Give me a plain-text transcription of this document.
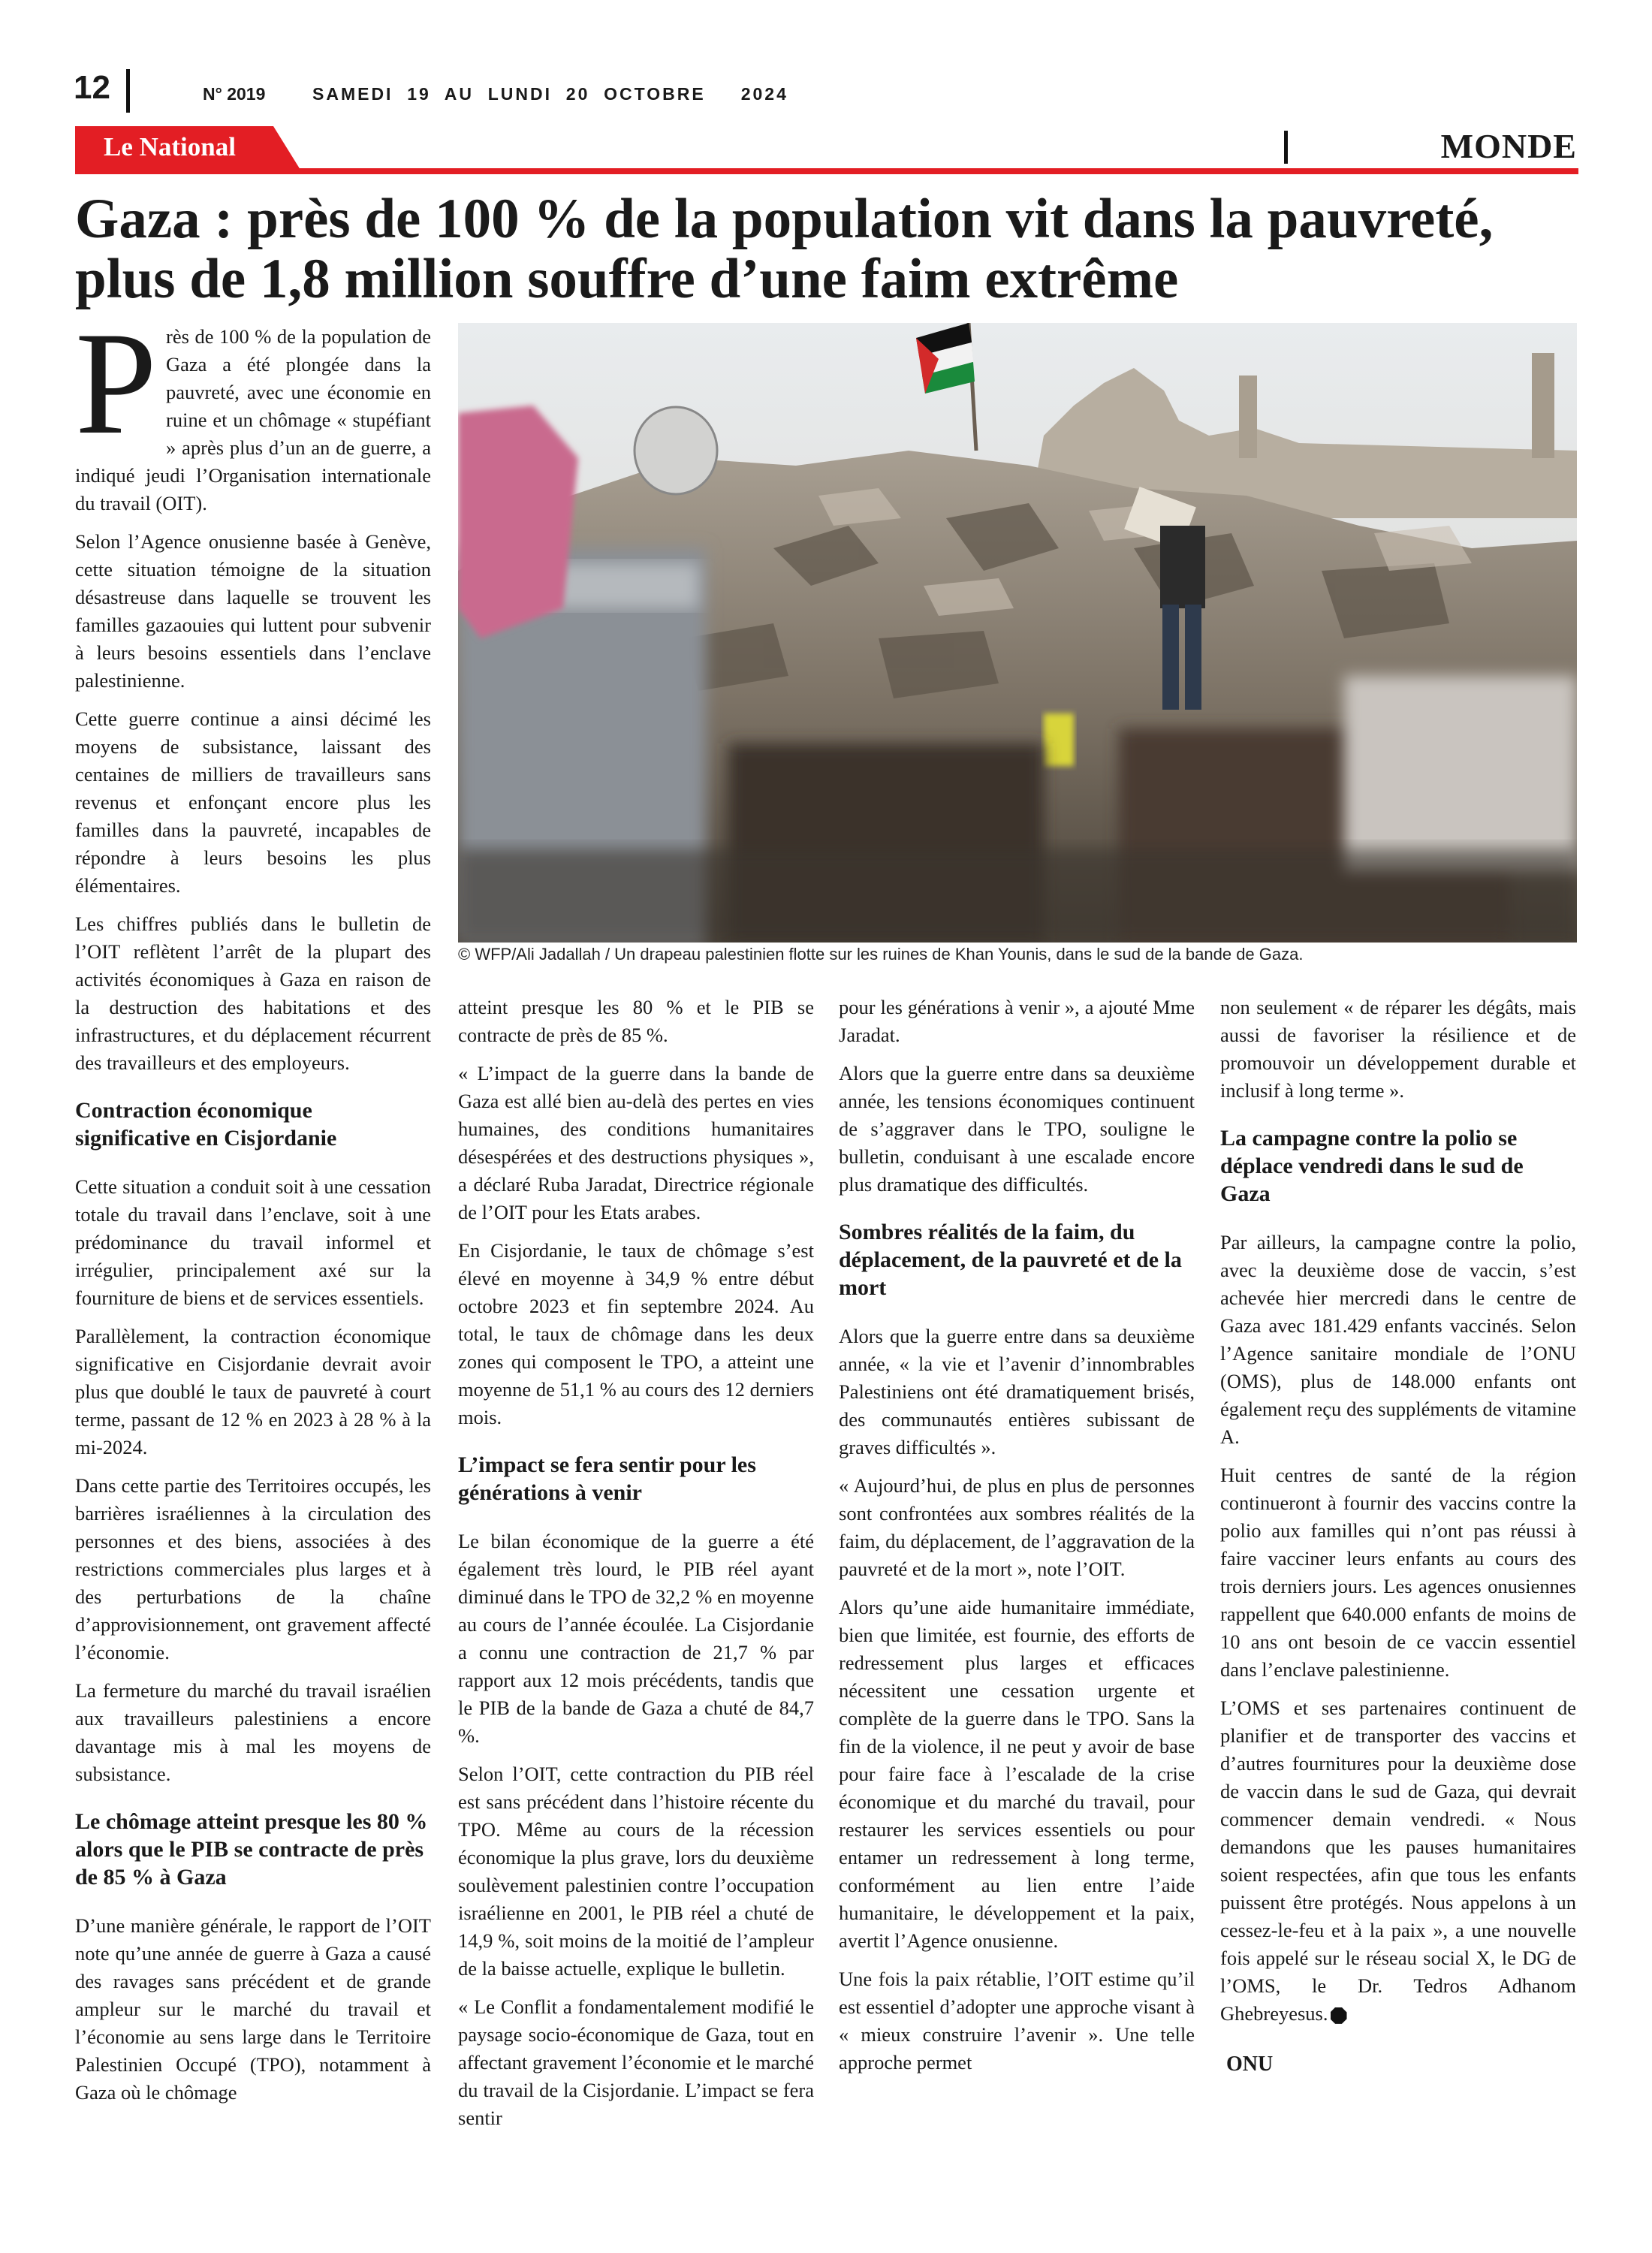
12	N° 2019	SAMEDI  19  AU  LUNDI  20  OCTOBRE     2024
Le National	MONDE
Gaza : près de 100 % de la population vit dans la pauvreté, plus de 1,8 million souffre d’une faim extrême
© WFP/Ali Jadallah / Un drapeau palestinien flotte sur les ruines de Khan Younis, dans le sud de la bande de Gaza.

Près de 100 % de la population de Gaza a été plongée dans la pauvreté, avec une économie en ruine et un chômage « stupéfiant » après plus d’un an de guerre, a indiqué jeudi l’Organisation internationale du travail (OIT).

Selon l’Agence onusienne basée à Genève, cette situation témoigne de la situation désastreuse dans laquelle se trouvent les familles gazaouies qui luttent pour subvenir à leurs besoins essentiels dans l’enclave palestinienne.

Cette guerre continue a ainsi décimé les moyens de subsistance, laissant des centaines de milliers de travailleurs sans revenus et enfonçant encore plus les familles dans la pauvreté, incapables de répondre à leurs besoins les plus élémentaires.

Les chiffres publiés dans le bulletin de l’OIT reflètent l’arrêt de la plupart des activités économiques à Gaza en raison de la destruction des habitations et des infrastructures, et du déplacement récurrent des travailleurs et des employeurs.

Contraction économique significative en Cisjordanie

Cette situation a conduit soit à une cessation totale du travail dans l’enclave, soit à une prédominance du travail informel et irrégulier, principalement axé sur la fourniture de biens et de services essentiels.

Parallèlement, la contraction économique significative en Cisjordanie devrait avoir plus que doublé le taux de pauvreté à court terme, passant de 12 % en 2023 à 28 % à la mi-2024.

Dans cette partie des Territoires occupés, les barrières israéliennes à la circulation des personnes et des biens, associées à des restrictions commerciales plus larges et à des perturbations de la chaîne d’approvisionnement, ont gravement affecté l’économie.

La fermeture du marché du travail israélien aux travailleurs palestiniens a encore davantage mis à mal les moyens de subsistance.

Le chômage atteint presque les 80 % alors que le PIB se contracte de près de 85 % à Gaza

D’une manière générale, le rapport de l’OIT note qu’une année de guerre à Gaza a causé des ravages sans précédent et de grande ampleur sur le marché du travail et l’économie au sens large dans le Territoire Palestinien Occupé (TPO), notamment à Gaza où le chômage

atteint presque les 80 % et le PIB se contracte de près de 85 %.

« L’impact de la guerre dans la bande de Gaza est allé bien au-delà des pertes en vies humaines, des conditions humanitaires désespérées et des destructions physiques », a déclaré Ruba Jaradat, Directrice régionale de l’OIT pour les Etats arabes.

En Cisjordanie, le taux de chômage s’est élevé en moyenne à 34,9 % entre début octobre 2023 et fin septembre 2024. Au total, le taux de chômage dans les deux zones qui composent le TPO, a atteint une moyenne de 51,1 % au cours des 12 derniers mois.

L’impact se fera sentir pour les générations à venir

Le bilan économique de la guerre a été également très lourd, le PIB réel ayant diminué dans le TPO de 32,2 % en moyenne au cours de l’année écoulée. La Cisjordanie a connu une contraction de 21,7 % par rapport aux 12 mois précédents, tandis que le PIB de la bande de Gaza a chuté de 84,7 %.

Selon l’OIT, cette contraction du PIB réel est sans précédent dans l’histoire récente du TPO. Même au cours de la récession économique la plus grave, lors du deuxième soulèvement palestinien contre l’occupation israélienne en 2001, le PIB réel a chuté de 14,9 %, soit moins de la moitié de l’ampleur de la baisse actuelle, explique le bulletin.

« Le Conflit a fondamentalement modifié le paysage socio-économique de Gaza, tout en affectant gravement l’économie et le marché du travail de la Cisjordanie. L’impact se fera sentir

pour les générations à venir », a ajouté Mme Jaradat.

Alors que la guerre entre dans sa deuxième année, les tensions économiques continuent de s’aggraver dans le TPO, souligne le bulletin, conduisant à une escalade encore plus dramatique des difficultés.

Sombres réalités de la faim, du déplacement, de la pauvreté et de la mort

Alors que la guerre entre dans sa deuxième année, « la vie et l’avenir d’innombrables Palestiniens ont été dramatiquement brisés, des communautés entières subissant de graves difficultés ».

« Aujourd’hui, de plus en plus de personnes sont confrontées aux sombres réalités de la faim, du déplacement, de l’aggravation de la pauvreté et de la mort », note l’OIT.

Alors qu’une aide humanitaire immédiate, bien que limitée, est fournie, des efforts de redressement plus larges et efficaces nécessitent une cessation urgente et complète de la guerre dans le TPO. Sans la fin de la violence, il ne peut y avoir de base pour faire face à l’escalade de la crise économique et du marché du travail, pour restaurer les services essentiels ou pour entamer un redressement à long terme, conformément au lien entre l’aide humanitaire, le développement et la paix, avertit l’Agence onusienne.

Une fois la paix rétablie, l’OIT estime qu’il est essentiel d’adopter une approche visant à « mieux construire l’avenir ». Une telle approche permet

non seulement « de réparer les dégâts, mais aussi de favoriser la résilience et de promouvoir un développement durable et inclusif à long terme ».

La campagne contre la polio se déplace vendredi dans le sud de Gaza

Par ailleurs, la campagne contre la polio, avec la deuxième dose de vaccin, s’est achevée hier mercredi dans le centre de Gaza avec 181.429 enfants vaccinés. Selon l’Agence sanitaire mondiale de l’ONU (OMS), plus de 148.000 enfants ont également reçu des suppléments de vitamine A.

Huit centres de santé de la région continueront à fournir des vaccins contre la polio aux familles qui n’ont pas réussi à faire vacciner leurs enfants au cours des trois derniers jours. Les agences onusiennes rappellent que 640.000 enfants de moins de 10 ans ont besoin de ce vaccin essentiel dans l’enclave palestinienne.

L’OMS et ses partenaires continuent de planifier et de transporter des vaccins et d’autres fournitures pour la deuxième dose de vaccin dans le sud de Gaza, qui devrait commencer demain vendredi. « Nous demandons que les pauses humanitaires soient respectées, afin que tous les enfants puissent être protégés. Nous appelons à un cessez-le-feu et à la paix », a une nouvelle fois appelé sur le réseau social X, le DG de l’OMS, le Dr. Tedros Adhanom Ghebreyesus.

ONU
